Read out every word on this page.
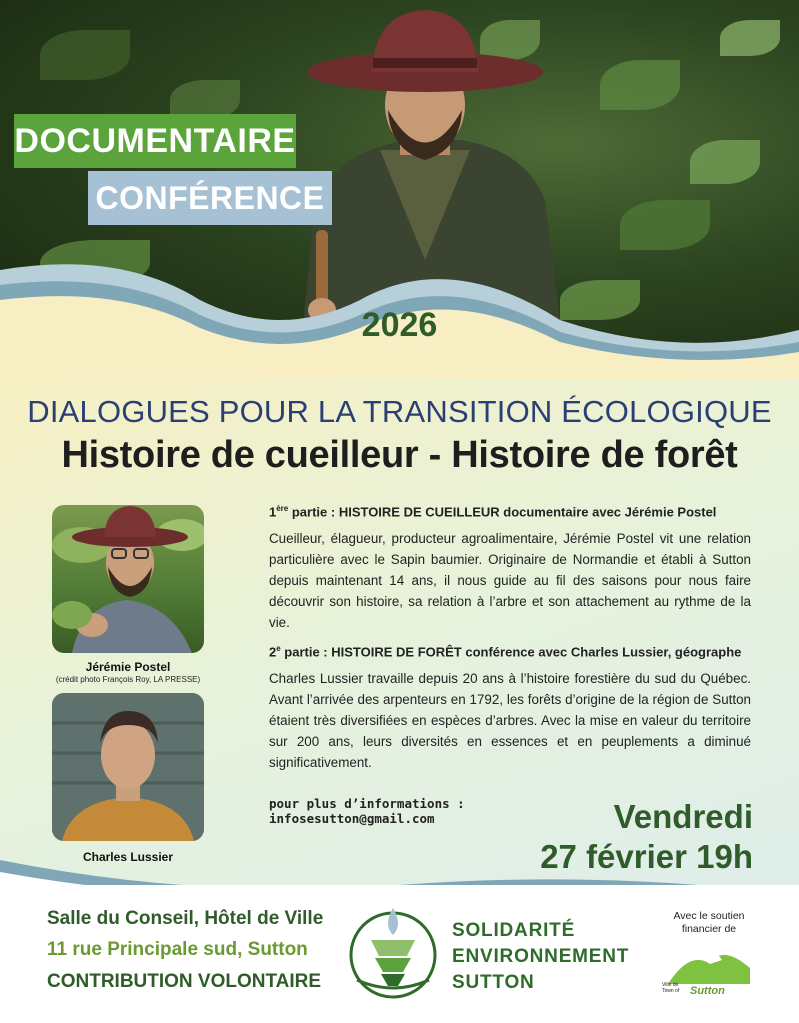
DOCUMENTAIRE
CONFÉRENCE
2026
DIALOGUES POUR LA TRANSITION ÉCOLOGIQUE
Histoire de cueilleur - Histoire de forêt
Jérémie Postel
(crédit photo François Roy, LA PRESSE)
Charles Lussier
1ère partie : HISTOIRE DE CUEILLEUR documentaire avec Jérémie Postel
Cueilleur, élagueur, producteur agroalimentaire, Jérémie Postel vit une relation particulière avec le Sapin baumier. Originaire de Normandie et établi à Sutton depuis maintenant 14 ans, il nous guide au fil des saisons pour nous faire découvrir son histoire, sa relation à l’arbre et son attachement au rythme de la vie.
2e partie : HISTOIRE DE FORÊT conférence avec Charles Lussier, géographe
Charles Lussier travaille depuis 20 ans à l’histoire forestière du sud du Québec. Avant l’arrivée des arpenteurs en 1792, les forêts d’origine de la région de Sutton étaient très diversifiées en espèces d’arbres. Avec la mise en valeur du territoire sur 200 ans, leurs diversités en essences et en peuplements a diminué significativement.
pour plus d’informations :
infosesutton@gmail.com	Vendredi
27 février 19h
Salle du Conseil, Hôtel de Ville
11 rue Principale sud, Sutton
CONTRIBUTION VOLONTAIRE
SOLIDARITÉ
ENVIRONNEMENT
SUTTON
Avec le soutien
financier de
Ville de
Town of Sutton
